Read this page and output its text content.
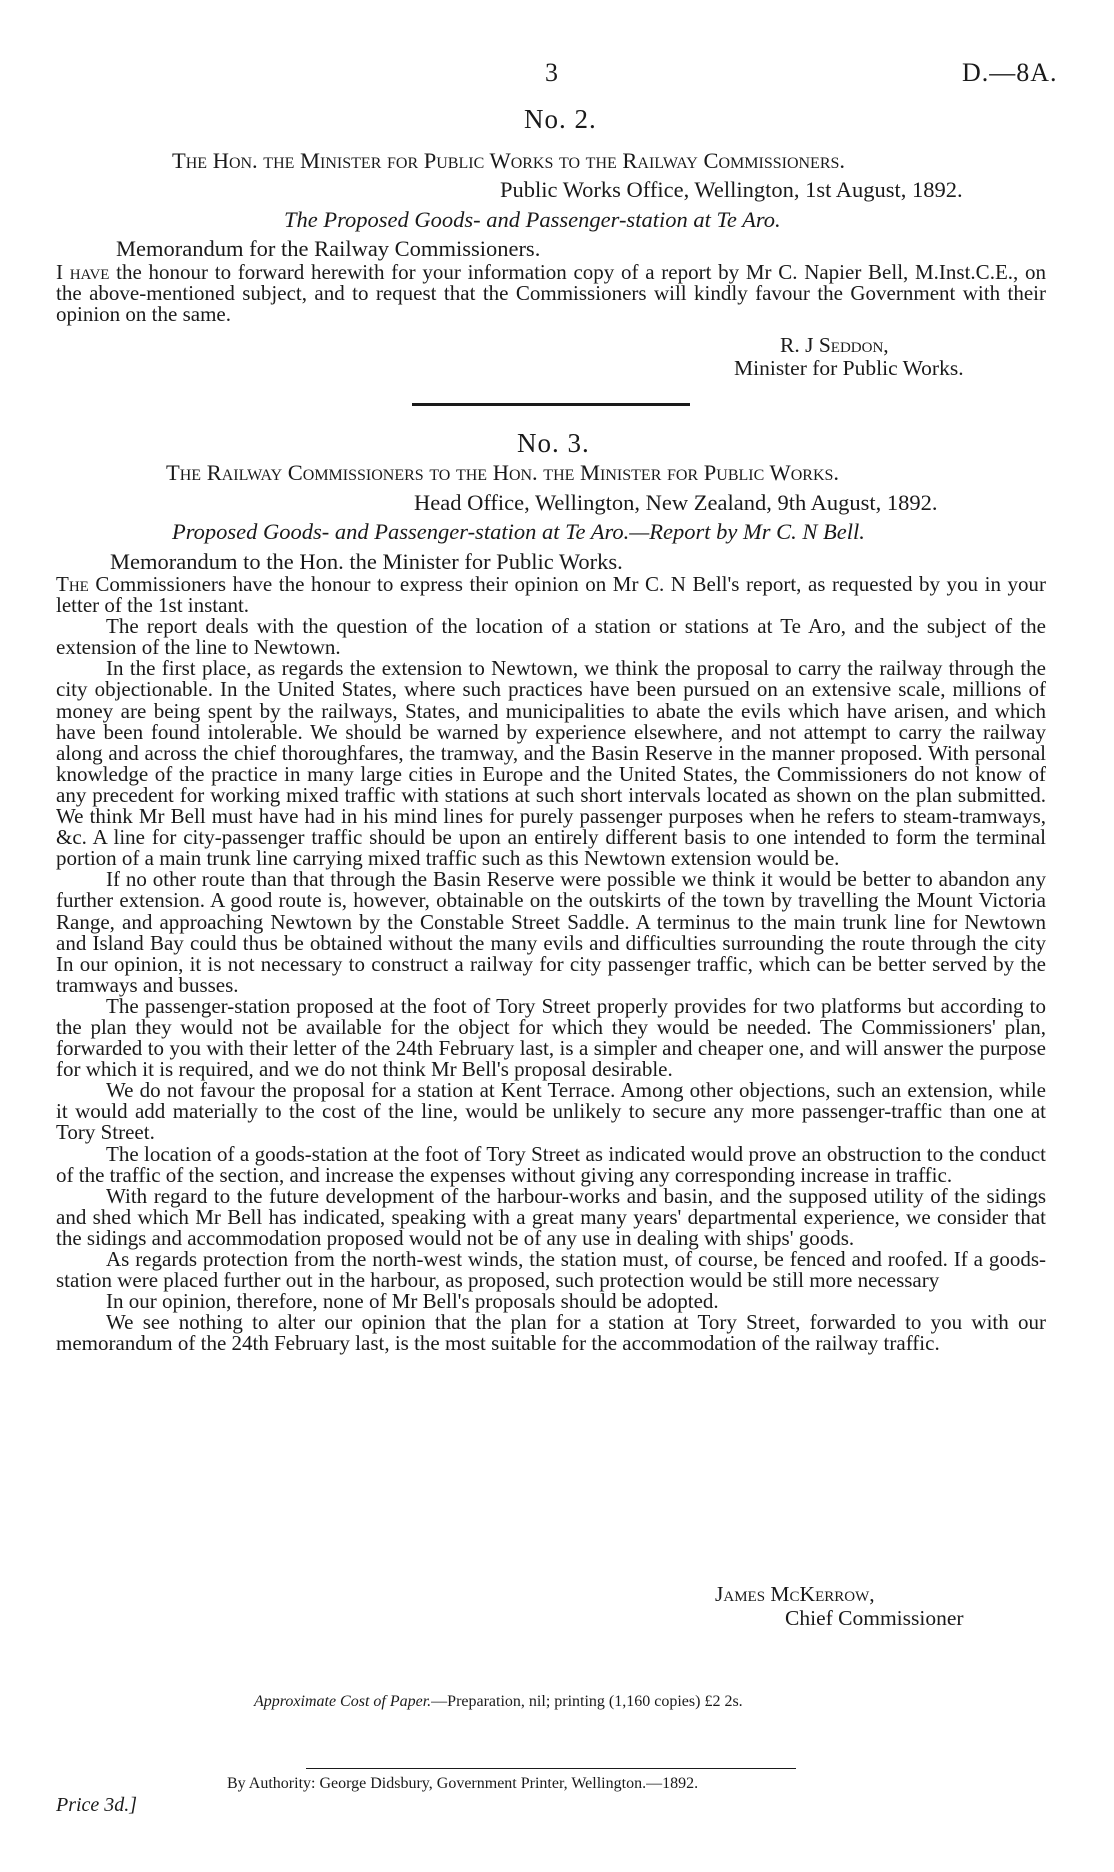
3	D.—8A.
No. 2.
The Hon. the Minister for Public Works to the Railway Commissioners.
Public Works Office, Wellington, 1st August, 1892.
The Proposed Goods- and Passenger-station at Te Aro.
Memorandum for the Railway Commissioners.

I have the honour to forward herewith for your information copy of a report by Mr C. Napier Bell, M.Inst.C.E., on the above-mentioned subject, and to request that the Commissioners will kindly favour the Government with their opinion on the same.

R. J Seddon,
Minister for Public Works.
No. 3.
The Railway Commissioners to the Hon. the Minister for Public Works.
Head Office, Wellington, New Zealand, 9th August, 1892.
Proposed Goods- and Passenger-station at Te Aro.—Report by Mr C. N Bell.
Memorandum to the Hon. the Minister for Public Works.

The Commissioners have the honour to express their opinion on Mr C. N Bell's report, as requested by you in your letter of the 1st instant.

The report deals with the question of the location of a station or stations at Te Aro, and the subject of the extension of the line to Newtown.

In the first place, as regards the extension to Newtown, we think the proposal to carry the railway through the city objectionable. In the United States, where such practices have been pursued on an extensive scale, millions of money are being spent by the railways, States, and municipalities to abate the evils which have arisen, and which have been found intolerable. We should be warned by experience elsewhere, and not attempt to carry the railway along and across the chief thoroughfares, the tramway, and the Basin Reserve in the manner proposed. With personal knowledge of the practice in many large cities in Europe and the United States, the Commissioners do not know of any precedent for working mixed traffic with stations at such short intervals located as shown on the plan submitted. We think Mr Bell must have had in his mind lines for purely passenger purposes when he refers to steam-tramways, &c. A line for city-passenger traffic should be upon an entirely different basis to one intended to form the terminal portion of a main trunk line carrying mixed traffic such as this Newtown extension would be.

If no other route than that through the Basin Reserve were possible we think it would be better to abandon any further extension. A good route is, however, obtainable on the outskirts of the town by travelling the Mount Victoria Range, and approaching Newtown by the Constable Street Saddle. A terminus to the main trunk line for Newtown and Island Bay could thus be obtained without the many evils and difficulties surrounding the route through the city In our opinion, it is not necessary to construct a railway for city passenger traffic, which can be better served by the tramways and busses.

The passenger-station proposed at the foot of Tory Street properly provides for two platforms but according to the plan they would not be available for the object for which they would be needed. The Commissioners' plan, forwarded to you with their letter of the 24th February last, is a simpler and cheaper one, and will answer the purpose for which it is required, and we do not think Mr Bell's proposal desirable.

We do not favour the proposal for a station at Kent Terrace. Among other objections, such an extension, while it would add materially to the cost of the line, would be unlikely to secure any more passenger-traffic than one at Tory Street.

The location of a goods-station at the foot of Tory Street as indicated would prove an obstruction to the conduct of the traffic of the section, and increase the expenses without giving any corresponding increase in traffic.

With regard to the future development of the harbour-works and basin, and the supposed utility of the sidings and shed which Mr Bell has indicated, speaking with a great many years' departmental experience, we consider that the sidings and accommodation proposed would not be of any use in dealing with ships' goods.

As regards protection from the north-west winds, the station must, of course, be fenced and roofed. If a goods-station were placed further out in the harbour, as proposed, such protection would be still more necessary

In our opinion, therefore, none of Mr Bell's proposals should be adopted.

We see nothing to alter our opinion that the plan for a station at Tory Street, forwarded to you with our memorandum of the 24th February last, is the most suitable for the accommodation of the railway traffic.

James McKerrow,
Chief Commissioner
Approximate Cost of Paper.—Preparation, nil; printing (1,160 copies) £2 2s.
By Authority: George Didsbury, Government Printer, Wellington.—1892.
Price 3d.]
